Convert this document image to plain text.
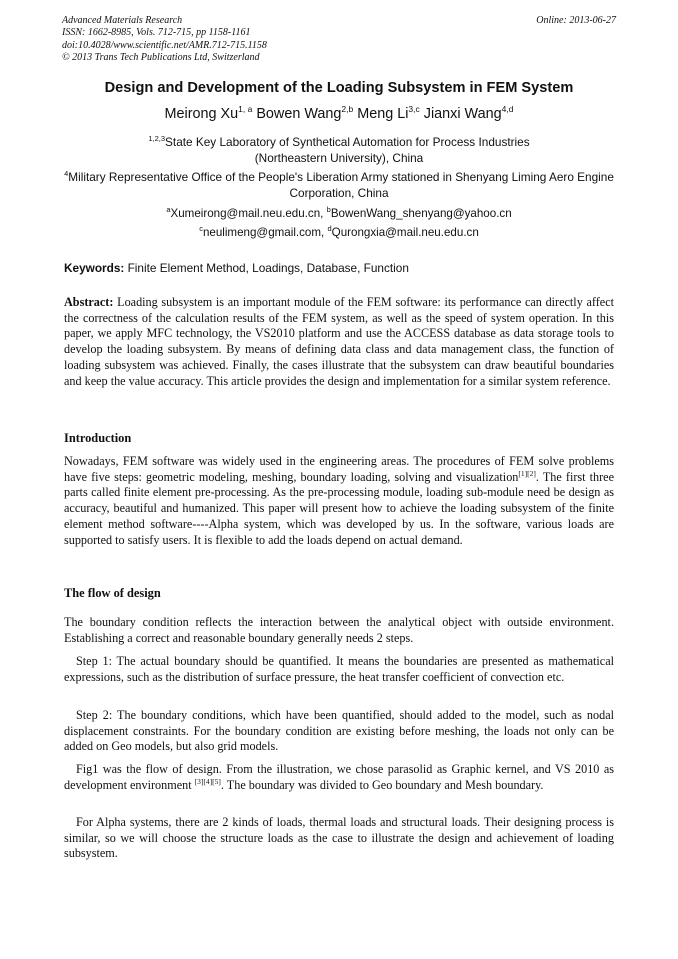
Advanced Materials Research
ISSN: 1662-8985, Vols. 712-715, pp 1158-1161
doi:10.4028/www.scientific.net/AMR.712-715.1158
© 2013 Trans Tech Publications Ltd, Switzerland
Online: 2013-06-27
Design and Development of the Loading Subsystem in FEM System
Meirong Xu$^{1, a}$ Bowen Wang$^{2,b}$ Meng Li$^{3,c}$ Jianxi Wang$^{4,d}$
$^{1,2,3}$State Key Laboratory of Synthetical Automation for Process Industries
(Northeastern University), China
$^4$Military Representative Office of the People's Liberation Army stationed in Shenyang Liming Aero Engine Corporation, China
$^a$Xumeirong@mail.neu.edu.cn, $^b$BowenWang_shenyang@yahoo.cn
$^c$neulimeng@gmail.com, $^d$Qurongxia@mail.neu.edu.cn
Keywords: Finite Element Method, Loadings, Database, Function

Abstract: Loading subsystem is an important module of the FEM software: its performance can directly affect the correctness of the calculation results of the FEM system, as well as the speed of system operation. In this paper, we apply MFC technology, the VS2010 platform and use the ACCESS database as data storage tools to develop the loading subsystem. By means of defining data class and data management class, the function of loading subsystem was achieved. Finally, the cases illustrate that the subsystem can draw beautiful boundaries and keep the value accuracy. This article provides the design and implementation for a similar system reference.

Introduction

Nowadays, FEM software was widely used in the engineering areas. The procedures of FEM solve problems have five steps: geometric modeling, meshing, boundary loading, solving and visualization[1][2]. The first three parts called finite element pre-processing. As the pre-processing module, loading sub-module need be design as accuracy, beautiful and humanized. This paper will present how to achieve the loading subsystem of the finite element method software----Alpha system, which was developed by us. In the software, various loads are supported to satisfy users. It is flexible to add the loads depend on actual demand.

The flow of design

The boundary condition reflects the interaction between the analytical object with outside environment. Establishing a correct and reasonable boundary generally needs 2 steps.

Step 1: The actual boundary should be quantified. It means the boundaries are presented as mathematical expressions, such as the distribution of surface pressure, the heat transfer coefficient of convection etc.

Step 2: The boundary conditions, which have been quantified, should added to the model, such as nodal displacement constraints. For the boundary condition are existing before meshing, the loads not only can be added on Geo models, but also grid models.

Fig1 was the flow of design. From the illustration, we chose parasolid as Graphic kernel, and VS 2010 as development environment [3][4][5]. The boundary was divided to Geo boundary and Mesh boundary.

For Alpha systems, there are 2 kinds of loads, thermal loads and structural loads. Their designing process is similar, so we will choose the structure loads as the case to illustrate the design and achievement of loading subsystem.
